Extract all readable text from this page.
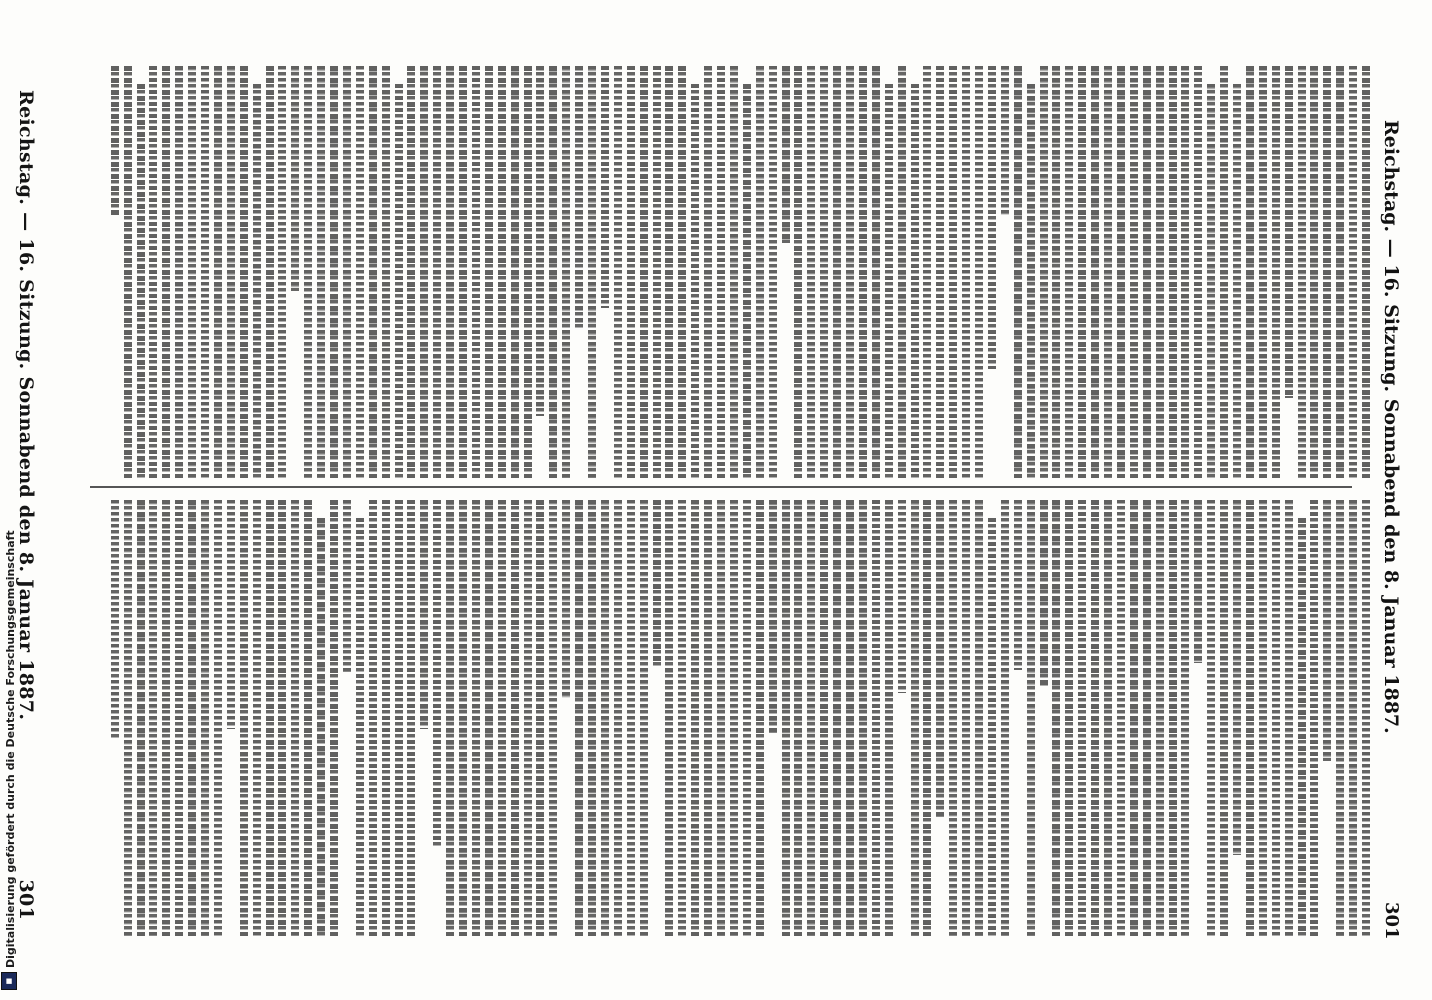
Reichstag. — 16. Sitzung. Sonnabend den 8. Januar 1887.
301
Reichstag. — 16. Sitzung. Sonnabend den 8. Januar 1887.
301
Digitalisierung gefördert durch die Deutsche Forschungsgemeinschaft
■
